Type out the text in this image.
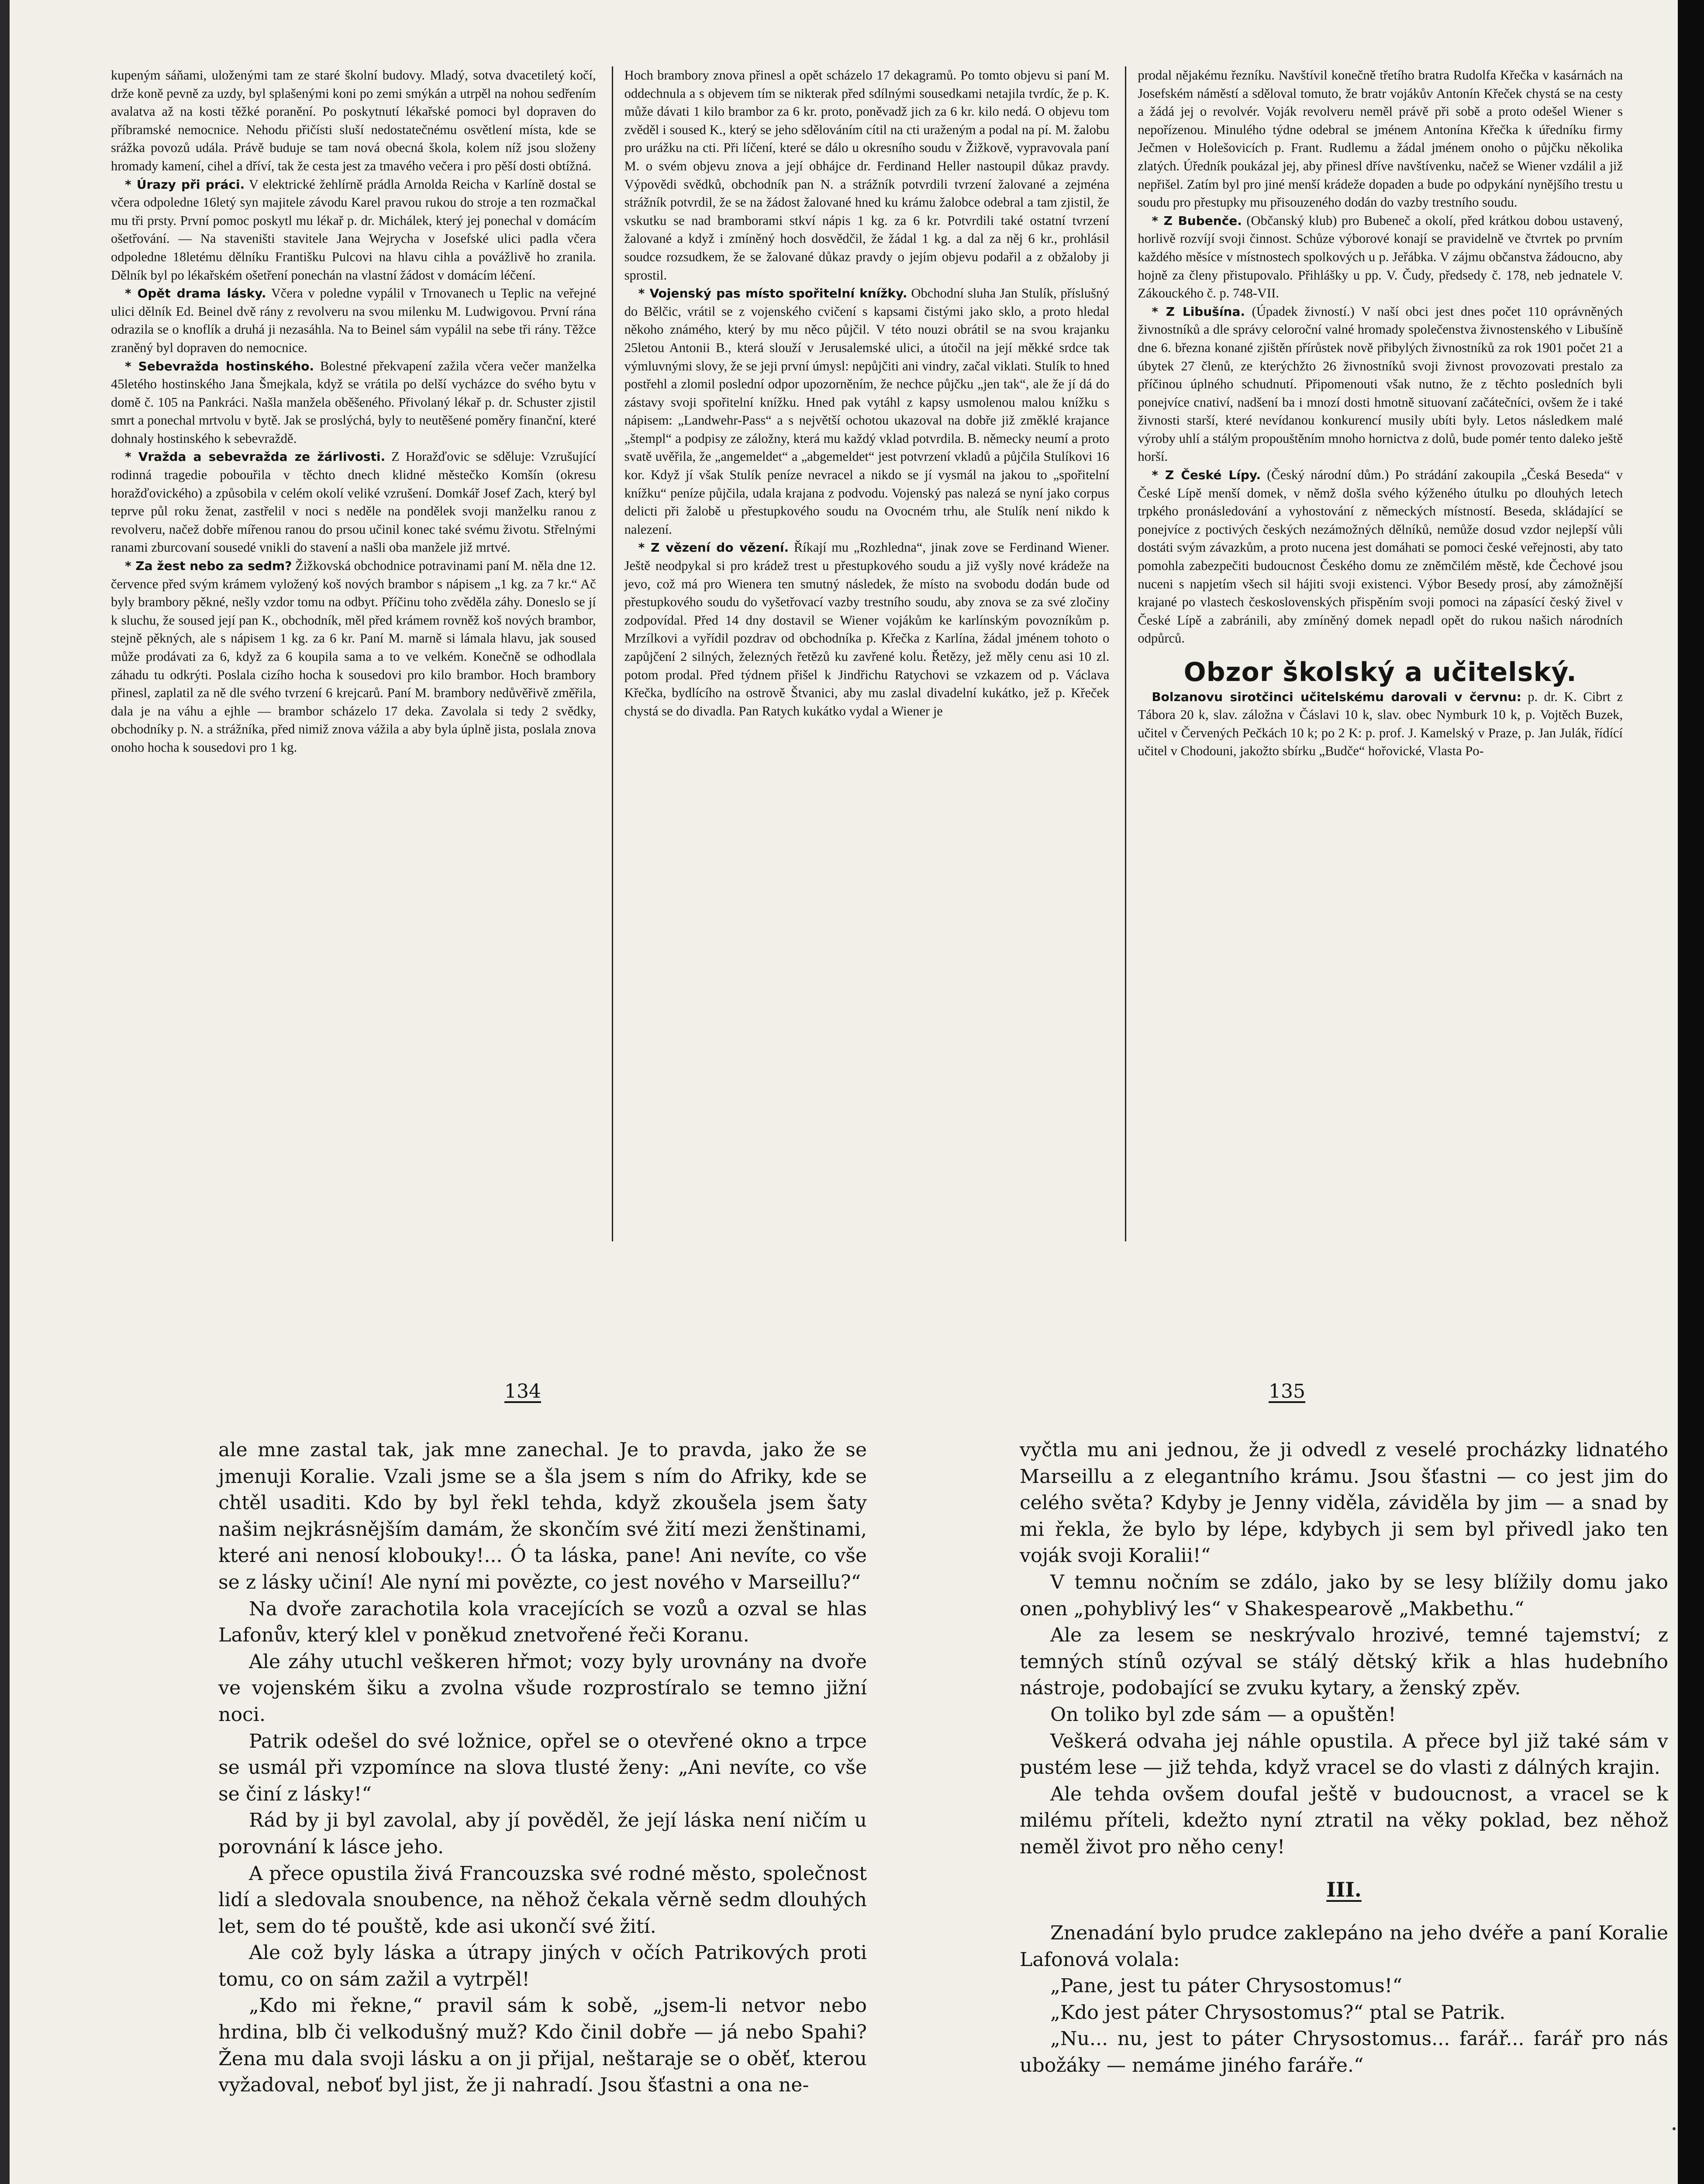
kupeným sáňami, uloženými tam ze staré školní budovy. Mladý, sotva dvacetiletý kočí, drže koně pevně za uzdy, byl splašenými koni po zemi smýkán a utrpěl na nohou sedřením avalatva až na kosti těžké poranění. Po poskytnutí lékařské pomoci byl dopraven do příbramské nemocnice. Nehodu přičísti sluší nedostatečnému osvětlení místa, kde se srážka povozů udála. Právě buduje se tam nová obecná škola, kolem níž jsou složeny hromady kamení, cihel a dříví, tak že cesta jest za tmavého večera i pro pěší dosti obtížná.

* Úrazy při práci. V elektrické žehlírně prádla Arnolda Reicha v Karlíně dostal se včera odpoledne 16letý syn majitele závodu Karel pravou rukou do stroje a ten rozmačkal mu tři prsty. První pomoc poskytl mu lékař p. dr. Michálek, který jej ponechal v domácím ošetřování. — Na staveništi stavitele Jana Wejrycha v Josefské ulici padla včera odpoledne 18letému dělníku Františku Pulcovi na hlavu cihla a povážlivě ho zranila. Dělník byl po lékařském ošetření ponechán na vlastní žádost v domácím léčení.

* Opět drama lásky. Včera v poledne vypálil v Trnovanech u Teplic na veřejné ulici dělník Ed. Beinel dvě rány z revolveru na svou milenku M. Ludwigovou. První rána odrazila se o knoflík a druhá ji nezasáhla. Na to Beinel sám vypálil na sebe tři rány. Těžce zraněný byl dopraven do nemocnice.

* Sebevražda hostinského. Bolestné překvapení zažila včera večer manželka 45letého hostinského Jana Šmejkala, když se vrátila po delší vycházce do svého bytu v domě č. 105 na Pankráci. Našla manžela oběšeného. Přivolaný lékař p. dr. Schuster zjistil smrt a ponechal mrtvolu v bytě. Jak se proslýchá, byly to neutěšené poměry finanční, které dohnaly hostinského k sebevraždě.

* Vražda a sebevražda ze žárlivosti. Z Horažďovic se sděluje: Vzrušující rodinná tragedie pobouřila v těchto dnech klidné městečko Komšín (okresu horažďovického) a způsobila v celém okolí veliké vzrušení. Domkář Josef Zach, který byl teprve půl roku ženat, zastřelil v noci s neděle na pondělek svoji manželku ranou z revolveru, načež dobře mířenou ranou do prsou učinil konec také svému životu. Střelnými ranami zburcovaní sousedé vnikli do stavení a našli oba manžele již mrtvé.

* Za žest nebo za sedm? Žižkovská obchodnice potravinami paní M. něla dne 12. července před svým krámem vyložený koš nových brambor s nápisem „1 kg. za 7 kr.“ Ač byly brambory pěkné, nešly vzdor tomu na odbyt. Příčinu toho zvěděla záhy. Doneslo se jí k sluchu, že soused její pan K., obchodník, měl před krámem rovněž koš nových brambor, stejně pěkných, ale s nápisem 1 kg. za 6 kr. Paní M. marně si lámala hlavu, jak soused může prodávati za 6, když za 6 koupila sama a to ve velkém. Konečně se odhodlala záhadu tu odkrýti. Poslala cizího hocha k sousedovi pro kilo brambor. Hoch brambory přinesl, zaplatil za ně dle svého tvrzení 6 krejcarů. Paní M. brambory nedůvěřivě změřila, dala je na váhu a ejhle — brambor scházelo 17 deka. Zavolala si tedy 2 svědky, obchodníky p. N. a strážníka, před nimiž znova vážila a aby byla úplně jista, poslala znova onoho hocha k sousedovi pro 1 kg.

Hoch brambory znova přinesl a opět scházelo 17 dekagramů. Po tomto objevu si paní M. oddechnula a s objevem tím se nikterak před sdílnými sousedkami netajila tvrdíc, že p. K. může dávati 1 kilo brambor za 6 kr. proto, poněvadž jich za 6 kr. kilo nedá. O objevu tom zvěděl i soused K., který se jeho sdělováním cítil na cti uraženým a podal na pí. M. žalobu pro urážku na cti. Při líčení, které se dálo u okresního soudu v Žižkově, vypravovala paní M. o svém objevu znova a její obhájce dr. Ferdinand Heller nastoupil důkaz pravdy. Výpovědi svědků, obchodník pan N. a strážník potvrdili tvrzení žalované a zejména strážník potvrdil, že se na žádost žalované hned ku krámu žalobce odebral a tam zjistil, že vskutku se nad bramborami stkví nápis 1 kg. za 6 kr. Potvrdili také ostatní tvrzení žalované a když i zmíněný hoch dosvědčil, že žádal 1 kg. a dal za něj 6 kr., prohlásil soudce rozsudkem, že se žalované důkaz pravdy o jejím objevu podařil a z obžaloby ji sprostil.

* Vojenský pas místo spořitelní knížky. Obchodní sluha Jan Stulík, příslušný do Bělčic, vrátil se z vojenského cvičení s kapsami čistými jako sklo, a proto hledal někoho známého, který by mu něco půjčil. V této nouzi obrátil se na svou krajanku 25letou Antonii B., která slouží v Jerusalemské ulici, a útočil na její měkké srdce tak výmluvnými slovy, že se jeji první úmysl: nepůjčiti ani vindry, začal viklati. Stulík to hned postřehl a zlomil poslední odpor upozorněním, že nechce půjčku „jen tak“, ale že jí dá do zástavy svoji spořitelní knížku. Hned pak vytáhl z kapsy usmolenou malou knížku s nápisem: „Landwehr-Pass“ a s největší ochotou ukazoval na dobře již změklé krajance „štempl“ a podpisy ze záložny, která mu každý vklad potvrdila. B. německy neumí a proto svatě uvěřila, že „angemeldet“ a „abgemeldet“ jest potvrzení vkladů a půjčila Stulíkovi 16 kor. Když jí však Stulík peníze nevracel a nikdo se jí vysmál na jakou to „spořitelní knížku“ peníze půjčila, udala krajana z podvodu. Vojenský pas nalezá se nyní jako corpus delicti při žalobě u přestupkového soudu na Ovocném trhu, ale Stulík není nikdo k nalezení.

* Z vězení do vězení. Říkají mu „Rozhledna“, jinak zove se Ferdinand Wiener. Ještě neodpykal si pro krádež trest u přestupkového soudu a již vyšly nové krádeže na jevo, což má pro Wienera ten smutný následek, že místo na svobodu dodán bude od přestupkového soudu do vyšetřovací vazby trestního soudu, aby znova se za své zločiny zodpovídal. Před 14 dny dostavil se Wiener vojákům ke karlínským povozníkům p. Mrzílkovi a vyřídil pozdrav od obchodníka p. Křečka z Karlína, žádal jménem tohoto o zapůjčení 2 silných, železných řetězů ku zavřené kolu. Řetězy, jež měly cenu asi 10 zl. potom prodal. Před týdnem přišel k Jindřichu Ratychovi se vzkazem od p. Václava Křečka, bydlícího na ostrově Štvanici, aby mu zaslal divadelní kukátko, jež p. Křeček chystá se do divadla. Pan Ratych kukátko vydal a Wiener je

prodal nějakému řezníku. Navštívil konečně třetího bratra Rudolfa Křečka v kasárnách na Josefském náměstí a sděloval tomuto, že bratr vojákův Antonín Křeček chystá se na cesty a žádá jej o revolvér. Voják revolveru neměl právě při sobě a proto odešel Wiener s nepořízenou. Minulého týdne odebral se jménem Antonína Křečka k úředníku firmy Ječmen v Holešovicích p. Frant. Rudlemu a žádal jménem onoho o půjčku několika zlatých. Úředník poukázal jej, aby přinesl dříve navštívenku, načež se Wiener vzdálil a již nepřišel. Zatím byl pro jiné menší krádeže dopaden a bude po odpykání nynějšího trestu u soudu pro přestupky mu přisouzeného dodán do vazby trestního soudu.

* Z Bubenče. (Občanský klub) pro Bubeneč a okolí, před krátkou dobou ustavený, horlivě rozvíjí svoji činnost. Schůze výborové konají se pravidelně ve čtvrtek po prvním každého měsíce v místnostech spolkových u p. Jeřábka. V zájmu občanstva žádoucno, aby hojně za členy přistupovalo. Přihlášky u pp. V. Čudy, předsedy č. 178, neb jednatele V. Zákouckého č. p. 748-VII.

* Z Libušína. (Úpadek živností.) V naší obci jest dnes počet 110 oprávněných živnostníků a dle správy celoroční valné hromady společenstva živnostenského v Libušíně dne 6. března konané zjištěn přírůstek nově přibylých živnostníků za rok 1901 počet 21 a úbytek 27 členů, ze kterýchžto 26 živnostníků svoji živnost provozovati prestalo za příčinou úplného schudnutí. Připomenouti však nutno, že z těchto posledních byli ponejvíce cnativí, nadšení ba i mnozí dosti hmotně situovaní začátečníci, ovšem že i také živnosti starší, které nevídanou konkurencí musily ubíti byly. Letos následkem malé výroby uhlí a stálým propouštěním mnoho hornictva z dolů, bude pomér tento daleko ještě horší.

* Z České Lípy. (Český národní dům.) Po strádání zakoupila „Česká Beseda“ v České Lípě menší domek, v němž došla svého kýženého útulku po dlouhých letech trpkého pronásledování a vyhostování z německých místností. Beseda, skládající se ponejvíce z poctivých českých nezámožných dělníků, nemůže dosud vzdor nejlepší vůli dostáti svým závazkům, a proto nucena jest domáhati se pomoci české veřejnosti, aby tato pomohla zabezpečiti budoucnost Českého domu ze zněmčilém městě, kde Čechové jsou nuceni s napjetím všech sil hájiti svoji existenci. Výbor Besedy prosí, aby zámožnější krajané po vlastech československých přispěním svoji pomoci na zápasící český živel v České Lípě a zabránili, aby zmíněný domek nepadl opět do rukou našich národních odpůrců.

Obzor školský a učitelský.

Bolzanovu sirotčinci učitelskému darovali v červnu: p. dr. K. Cibrt z Tábora 20 k, slav. záložna v Čáslavi 10 k, slav. obec Nymburk 10 k, p. Vojtěch Buzek, učitel v Červených Pečkách 10 k; po 2 K: p. prof. J. Kamelský v Praze, p. Jan Julák, řídící učitel v Chodouni, jakožto sbírku „Budče“ hořovické, Vlasta Po-

134	135

ale mne zastal tak, jak mne zanechal. Je to pravda, jako že se jmenuji Koralie. Vzali jsme se a šla jsem s ním do Afriky, kde se chtěl usaditi. Kdo by byl řekl tehda, když zkoušela jsem šaty našim nejkrásnějším damám, že skončím své žití mezi ženštinami, které ani nenosí klobouky!... Ó ta láska, pane! Ani nevíte, co vše se z lásky učiní! Ale nyní mi povězte, co jest nového v Marseillu?“

Na dvoře zarachotila kola vracejících se vozů a ozval se hlas Lafonův, který klel v poněkud znetvořené řeči Koranu.

Ale záhy utuchl veškeren hřmot; vozy byly urovnány na dvoře ve vojenském šiku a zvolna všude rozprostíralo se temno jižní noci.

Patrik odešel do své ložnice, opřel se o otevřené okno a trpce se usmál při vzpomínce na slova tlusté ženy: „Ani nevíte, co vše se činí z lásky!“

Rád by ji byl zavolal, aby jí pověděl, že její láska není ničím u porovnání k lásce jeho.

A přece opustila živá Francouzska své rodné město, společnost lidí a sledovala snoubence, na něhož čekala věrně sedm dlouhých let, sem do té pouště, kde asi ukončí své žití.

Ale což byly láska a útrapy jiných v očích Patrikových proti tomu, co on sám zažil a vytrpěl!

„Kdo mi řekne,“ pravil sám k sobě, „jsem-li netvor nebo hrdina, blb či velkodušný muž? Kdo činil dobře — já nebo Spahi? Žena mu dala svoji lásku a on ji přijal, neštaraje se o oběť, kterou vyžadoval, neboť byl jist, že ji nahradí. Jsou šťastni a ona ne-

vyčtla mu ani jednou, že ji odvedl z veselé procházky lidnatého Marseillu a z elegantního krámu. Jsou šťastni — co jest jim do celého světa? Kdyby je Jenny viděla, záviděla by jim — a snad by mi řekla, že bylo by lépe, kdybych ji sem byl přivedl jako ten voják svoji Koralii!“

V temnu nočním se zdálo, jako by se lesy blížily domu jako onen „pohyblivý les“ v Shakespearově „Makbethu.“

Ale za lesem se neskrývalo hrozivé, temné tajemství; z temných stínů ozýval se stálý dětský křik a hlas hudebního nástroje, podobající se zvuku kytary, a ženský zpěv.

On toliko byl zde sám — a opuštěn!

Veškerá odvaha jej náhle opustila. A přece byl již také sám v pustém lese — již tehda, když vracel se do vlasti z dálných krajin.

Ale tehda ovšem doufal ještě v budoucnost, a vracel se k milému příteli, kdežto nyní ztratil na věky poklad, bez něhož neměl život pro něho ceny!

III.

Znenadání bylo prudce zaklepáno na jeho dvéře a paní Koralie Lafonová volala:

„Pane, jest tu páter Chrysostomus!“

„Kdo jest páter Chrysostomus?“ ptal se Patrik.

„Nu... nu, jest to páter Chrysostomus... farář... farář pro nás ubožáky — nemáme jiného faráře.“
